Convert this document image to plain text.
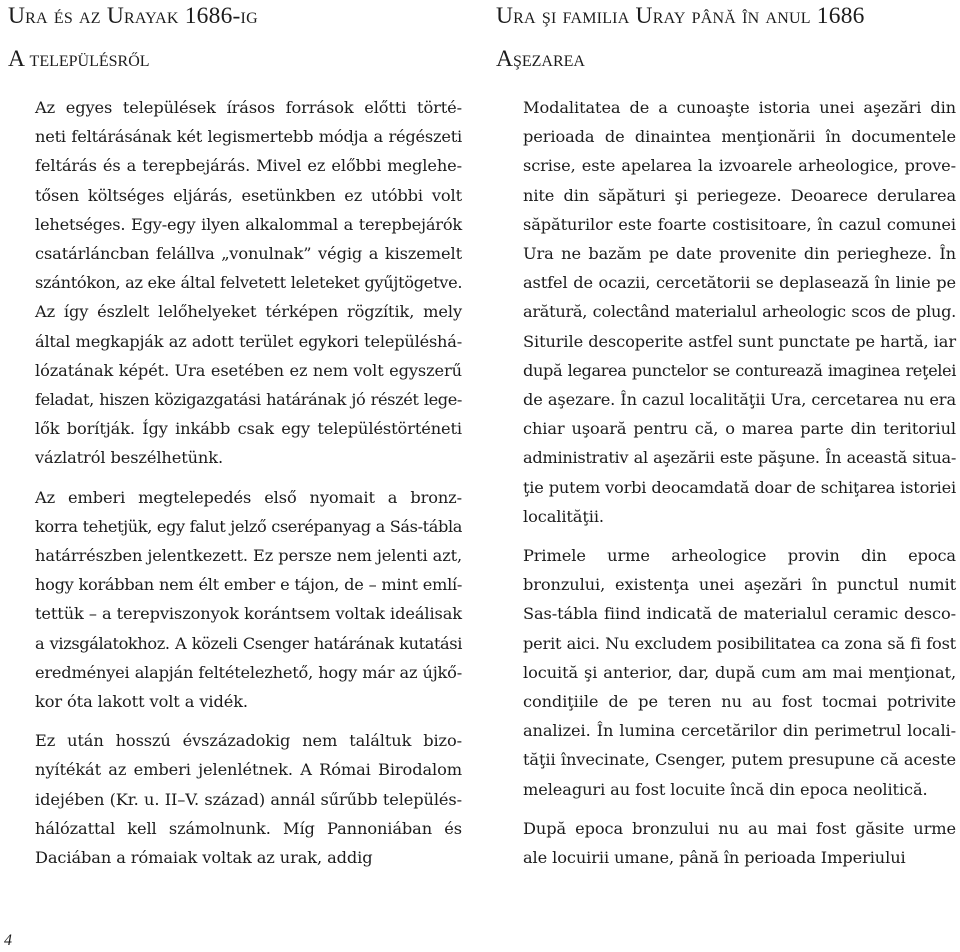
Ura és az Urayak 1686-ig
A településről

Az egyes települések írásos források előtti törté-
neti feltárásának két legismertebb módja a régészeti
feltárás és a terepbejárás. Mivel ez előbbi meglehe-
tősen költséges eljárás, esetünkben ez utóbbi volt
lehetséges. Egy-egy ilyen alkalommal a terepbejárók
csatárláncban felállva „vonulnak” végig a kiszemelt
szántókon, az eke által felvetett leleteket gyűjtögetve.
Az így észlelt lelőhelyeket térképen rögzítik, mely
által megkapják az adott terület egykori településhá-
lózatának képét. Ura esetében ez nem volt egyszerű
feladat, hiszen közigazgatási határának jó részét lege-
lők borítják. Így inkább csak egy településtörténeti
vázlatról beszélhetünk.

Az emberi megtelepedés első nyomait a bronz-
korra tehetjük, egy falut jelző cserépanyag a Sás-tábla
határrészben jelentkezett. Ez persze nem jelenti azt,
hogy korábban nem élt ember e tájon, de – mint emlí-
tettük – a terepviszonyok korántsem voltak ideálisak
a vizsgálatokhoz. A közeli Csenger határának kutatási
eredményei alapján feltételezhető, hogy már az újkő-
kor óta lakott volt a vidék.

Ez után hosszú évszázadokig nem találtuk bizo-
nyítékát az emberi jelenlétnek. A Római Birodalom
idejében (Kr. u. II–V. század) annál sűrűbb település-
hálózattal kell számolnunk. Míg Pannoniában és
Daciában a rómaiak voltak az urak, addig

Ura şi familia Uray până în anul 1686
Aşezarea

Modalitatea de a cunoaşte istoria unei aşezări din
perioada de dinaintea menţionării în documentele
scrise, este apelarea la izvoarele arheologice, prove-
nite din săpături şi periegeze. Deoarece derularea
săpăturilor este foarte costisitoare, în cazul comunei
Ura ne bazăm pe date provenite din periegheze. În
astfel de ocazii, cercetătorii se deplasează în linie pe
arătură, colectând materialul arheologic scos de plug.
Siturile descoperite astfel sunt punctate pe hartă, iar
după legarea punctelor se conturează imaginea reţelei
de aşezare. În cazul localităţii Ura, cercetarea nu era
chiar uşoară pentru că, o marea parte din teritoriul
administrativ al aşezării este păşune. În această situa-
ţie putem vorbi deocamdată doar de schiţarea istoriei
localităţii.

Primele urme arheologice provin din epoca
bronzului, existenţa unei aşezări în punctul numit
Sas-tábla fiind indicată de materialul ceramic desco-
perit aici. Nu excludem posibilitatea ca zona să fi fost
locuită şi anterior, dar, după cum am mai menţionat,
condiţiile de pe teren nu au fost tocmai potrivite
analizei. În lumina cercetărilor din perimetrul locali-
tăţii învecinate, Csenger, putem presupune că aceste
meleaguri au fost locuite încă din epoca neolitică.

După epoca bronzului nu au mai fost găsite urme
ale locuirii umane, până în perioada Imperiului

4
